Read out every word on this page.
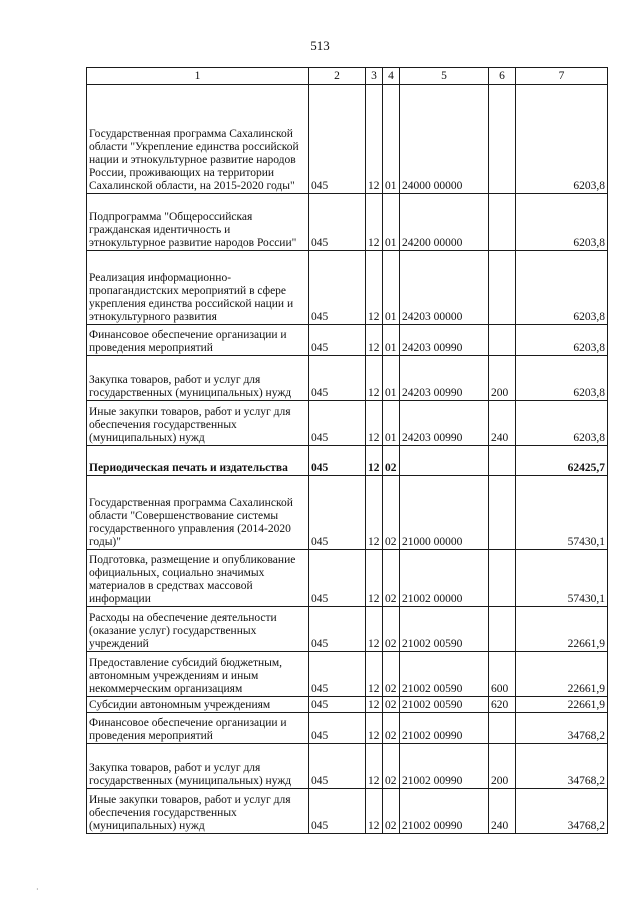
513
1	2	3	4	5	6	7
Государственная программа Сахалинской области "Укрепление единства российской нации и этнокультурное развитие народов России, проживающих на территории Сахалинской области, на 2015-2020 годы"	045	12	01	24000 00000		6203,8
Подпрограмма "Общероссийская гражданская идентичность и этнокультурное развитие народов России"	045	12	01	24200 00000		6203,8
Реализация информационно-пропагандистских мероприятий в сфере укрепления единства российской нации и этнокультурного развития	045	12	01	24203 00000		6203,8
Финансовое обеспечение организации и проведения мероприятий	045	12	01	24203 00990		6203,8
Закупка товаров, работ и услуг для государственных (муниципальных) нужд	045	12	01	24203 00990	200	6203,8
Иные закупки товаров, работ и услуг для обеспечения государственных (муниципальных) нужд	045	12	01	24203 00990	240	6203,8
Периодическая печать и издательства	045	12	02			62425,7
Государственная программа Сахалинской области "Совершенствование системы государственного управления (2014-2020 годы)"	045	12	02	21000 00000		57430,1
Подготовка, размещение и опубликование официальных, социально значимых материалов в средствах массовой информации	045	12	02	21002 00000		57430,1
Расходы на обеспечение деятельности (оказание услуг) государственных учреждений	045	12	02	21002 00590		22661,9
Предоставление субсидий бюджетным, автономным учреждениям и иным некоммерческим организациям	045	12	02	21002 00590	600	22661,9
Субсидии автономным учреждениям	045	12	02	21002 00590	620	22661,9
Финансовое обеспечение организации и проведения мероприятий	045	12	02	21002 00990		34768,2
Закупка товаров, работ и услуг для государственных (муниципальных) нужд	045	12	02	21002 00990	200	34768,2
Иные закупки товаров, работ и услуг для обеспечения государственных (муниципальных) нужд	045	12	02	21002 00990	240	34768,2
·
